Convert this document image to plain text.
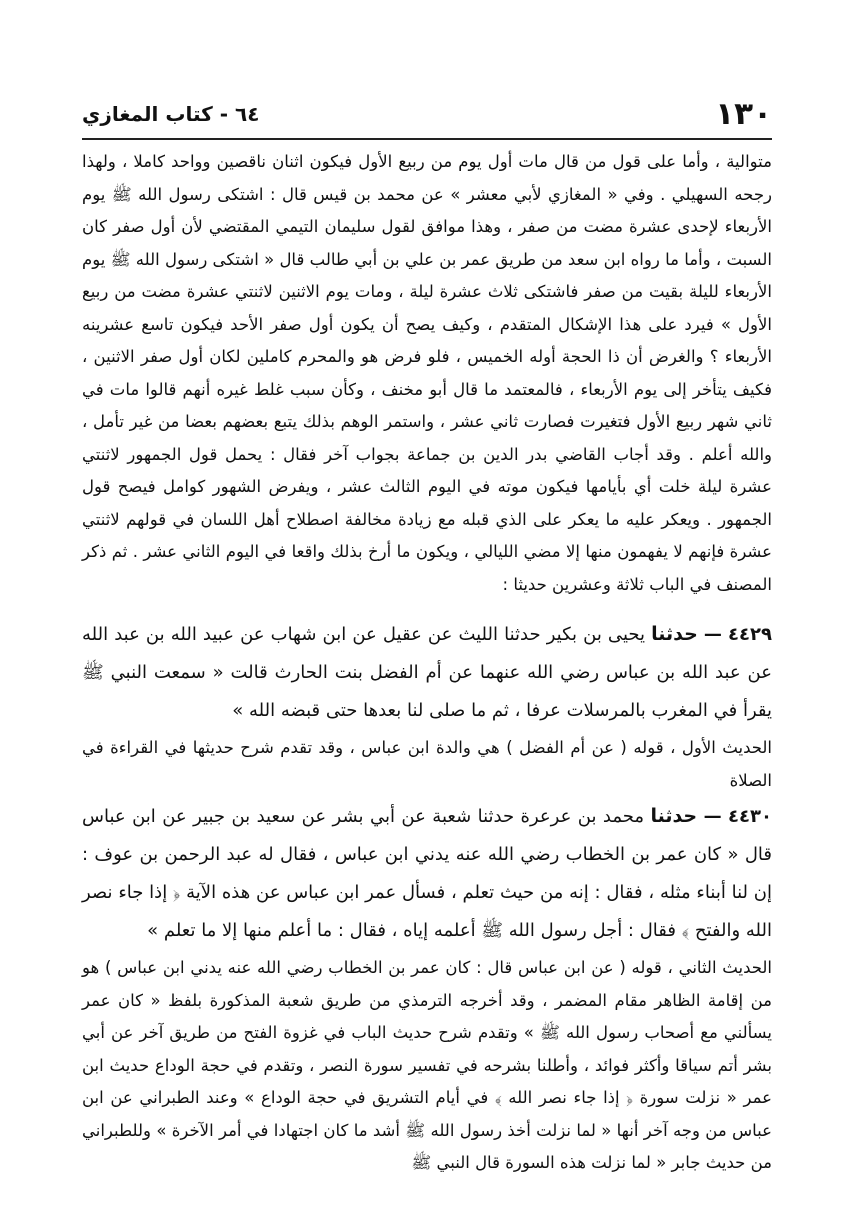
١٣٠
٦٤ - كتاب المغازي

متوالية ، وأما على قول من قال مات أول يوم من ربيع الأول فيكون اثنان ناقصين وواحد كاملا ، ولهذا رجحه السهيلي . وفي « المغازي لأبي معشر » عن محمد بن قيس قال : اشتكى رسول الله ﷺ يوم الأربعاء لإحدى عشرة مضت من صفر ، وهذا موافق لقول سليمان التيمي المقتضي لأن أول صفر كان السبت ، وأما ما رواه ابن سعد من طريق عمر بن علي بن أبي طالب قال « اشتكى رسول الله ﷺ يوم الأربعاء لليلة بقيت من صفر فاشتكى ثلاث عشرة ليلة ، ومات يوم الاثنين لاثنتي عشرة مضت من ربيع الأول » فيرد على هذا الإشكال المتقدم ، وكيف يصح أن يكون أول صفر الأحد فيكون تاسع عشرينه الأربعاء ؟ والغرض أن ذا الحجة أوله الخميس ، فلو فرض هو والمحرم كاملين لكان أول صفر الاثنين ، فكيف يتأخر إلى يوم الأربعاء ، فالمعتمد ما قال أبو مخنف ، وكأن سبب غلط غيره أنهم قالوا مات في ثاني شهر ربيع الأول فتغيرت فصارت ثاني عشر ، واستمر الوهم بذلك يتبع بعضهم بعضا من غير تأمل ، والله أعلم . وقد أجاب القاضي بدر الدين بن جماعة بجواب آخر فقال : يحمل قول الجمهور لاثنتي عشرة ليلة خلت أي بأيامها فيكون موته في اليوم الثالث عشر ، ويفرض الشهور كوامل فيصح قول الجمهور . ويعكر عليه ما يعكر على الذي قبله مع زيادة مخالفة اصطلاح أهل اللسان في قولهم لاثنتي عشرة فإنهم لا يفهمون منها إلا مضي الليالي ، ويكون ما أرخ بذلك واقعا في اليوم الثاني عشر . ثم ذكر المصنف في الباب ثلاثة وعشرين حديثا :

٤٤٢٩ — حدثنا يحيى بن بكير حدثنا الليث عن عقيل عن ابن شهاب عن عبيد الله بن عبد الله عن عبد الله بن عباس رضي الله عنهما عن أم الفضل بنت الحارث قالت « سمعت النبي ﷺ يقرأ في المغرب بالمرسلات عرفا ، ثم ما صلى لنا بعدها حتى قبضه الله »

الحديث الأول ، قوله ( عن أم الفضل ) هي والدة ابن عباس ، وقد تقدم شرح حديثها في القراءة في الصلاة

٤٤٣٠ — حدثنا محمد بن عرعرة حدثنا شعبة عن أبي بشر عن سعيد بن جبير عن ابن عباس قال « كان عمر بن الخطاب رضي الله عنه يدني ابن عباس ، فقال له عبد الرحمن بن عوف : إن لنا أبناء مثله ، فقال : إنه من حيث تعلم ، فسأل عمر ابن عباس عن هذه الآية ﴿ إذا جاء نصر الله والفتح ﴾ فقال : أجل رسول الله ﷺ أعلمه إياه ، فقال : ما أعلم منها إلا ما تعلم »

الحديث الثاني ، قوله ( عن ابن عباس قال : كان عمر بن الخطاب رضي الله عنه يدني ابن عباس ) هو من إقامة الظاهر مقام المضمر ، وقد أخرجه الترمذي من طريق شعبة المذكورة بلفظ « كان عمر يسألني مع أصحاب رسول الله ﷺ » وتقدم شرح حديث الباب في غزوة الفتح من طريق آخر عن أبي بشر أتم سياقا وأكثر فوائد ، وأطلنا بشرحه في تفسير سورة النصر ، وتقدم في حجة الوداع حديث ابن عمر « نزلت سورة ﴿ إذا جاء نصر الله ﴾ في أيام التشريق في حجة الوداع » وعند الطبراني عن ابن عباس من وجه آخر أنها « لما نزلت أخذ رسول الله ﷺ أشد ما كان اجتهادا في أمر الآخرة » وللطبراني من حديث جابر « لما نزلت هذه السورة قال النبي ﷺ
